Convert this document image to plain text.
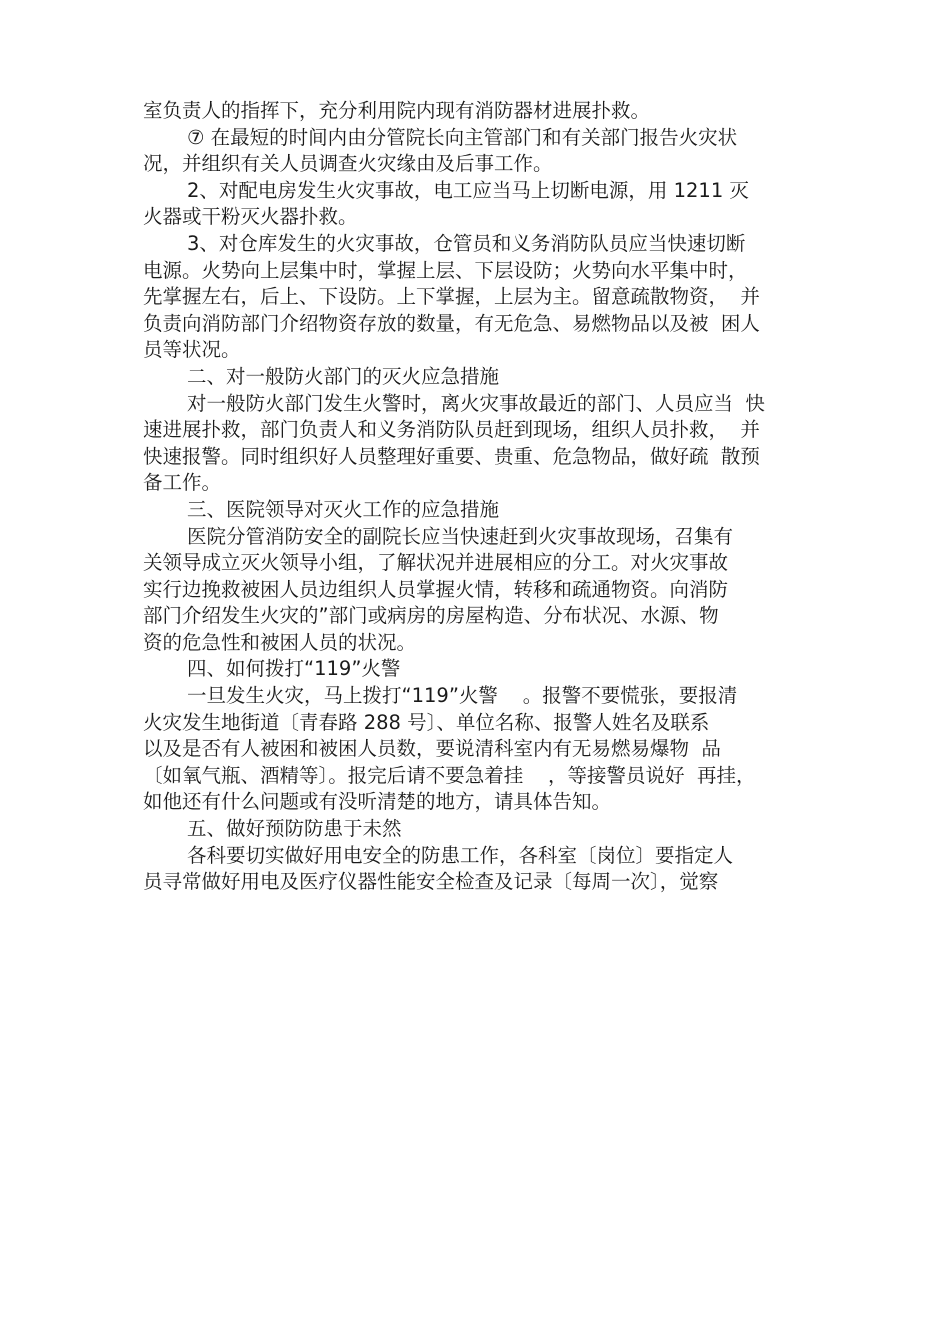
室负责人的指挥下，充分利用院内现有消防器材进展扑救。
⑦ 在最短的时间内由分管院长向主管部门和有关部门报告火灾状
况，并组织有关人员调查火灾缘由及后事工作。
2、对配电房发生火灾事故，电工应当马上切断电源，用 1211 灭
火器或干粉灭火器扑救。
3、对仓库发生的火灾事故，仓管员和义务消防队员应当快速切断
电源。火势向上层集中时，掌握上层、下层设防；火势向水平集中时，
先掌握左右，后上、下设防。上下掌握，上层为主。留意疏散物资，  并
负责向消防部门介绍物资存放的数量，有无危急、易燃物品以及被  困人
员等状况。
二、对一般防火部门的灭火应急措施
对一般防火部门发生火警时，离火灾事故最近的部门、人员应当  快
速进展扑救，部门负责人和义务消防队员赶到现场，组织人员扑救，  并
快速报警。同时组织好人员整理好重要、贵重、危急物品，做好疏  散预
备工作。
三、医院领导对灭火工作的应急措施
医院分管消防安全的副院长应当快速赶到火灾事故现场，召集有
关领导成立灭火领导小组，了解状况并进展相应的分工。对火灾事故
实行边挽救被困人员边组织人员掌握火情，转移和疏通物资。向消防
部门介绍发生火灾的”部门或病房的房屋构造、分布状况、水源、物
资的危急性和被困人员的状况。
四、如何拨打“119”火警
一旦发生火灾，马上拨打“119”火警    。报警不要慌张，要报清
火灾发生地街道〔青春路 288 号〕、单位名称、报警人姓名及联系
以及是否有人被困和被困人员数，要说清科室内有无易燃易爆物  品
〔如氧气瓶、酒精等〕。报完后请不要急着挂    ，等接警员说好  再挂，
如他还有什么问题或有没听清楚的地方，请具体告知。
五、做好预防防患于未然
各科要切实做好用电安全的防患工作，各科室〔岗位〕要指定人
员寻常做好用电及医疗仪器性能安全检查及记录〔每周一次〕，觉察
